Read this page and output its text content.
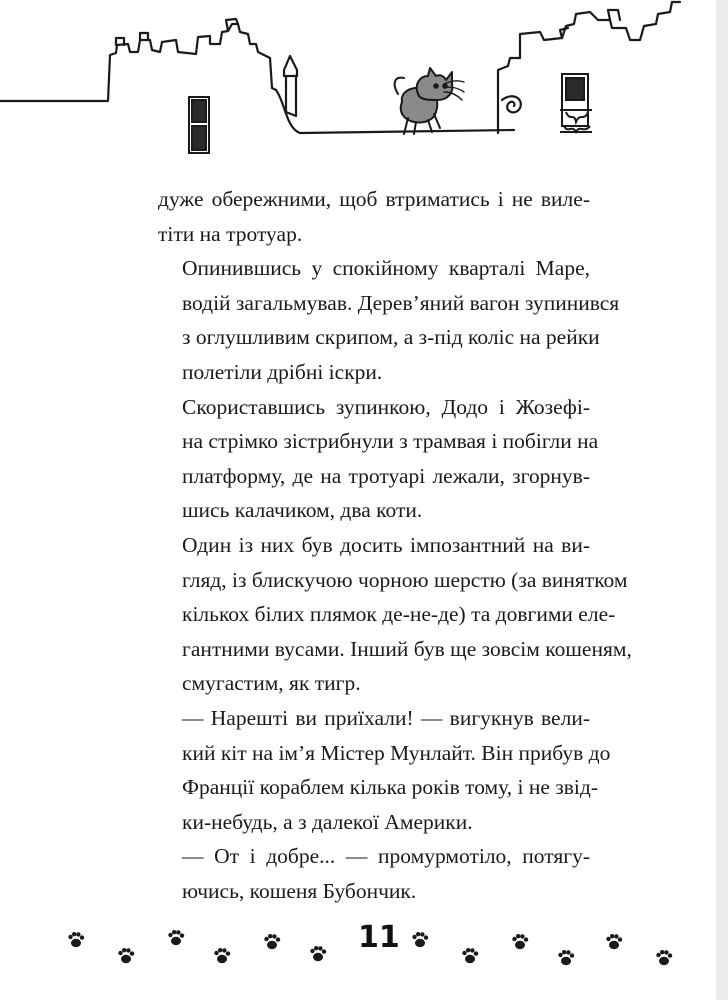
дуже обережними, щоб втриматись і не виле-
тіти на тротуар.

Опинившись у спокійному кварталі Маре,
водій загальмував. Дерев’яний вагон зупинився
з оглушливим скрипом, а з-під коліс на рейки
полетіли дрібні іскри.

Скориставшись зупинкою, Додо і Жозефі-
на стрімко зістрибнули з трамвая і побігли на
платформу, де на тротуарі лежали, згорнув-
шись калачиком, два коти.

Один із них був досить імпозантний на ви-
гляд, із блискучою чорною шерстю (за винятком
кількох білих плямок де-не-де) та довгими еле-
гантними вусами. Інший був ще зовсім кошеням,
смугастим, як тигр.

— Нарешті ви приїхали! — вигукнув вели-
кий кіт на ім’я Містер Мунлайт. Він прибув до
Франції кораблем кілька років тому, і не звід-
ки-небудь, а з далекої Америки.

— От і добре... — промурмотіло, потягу-
ючись, кошеня Бубончик.

11
